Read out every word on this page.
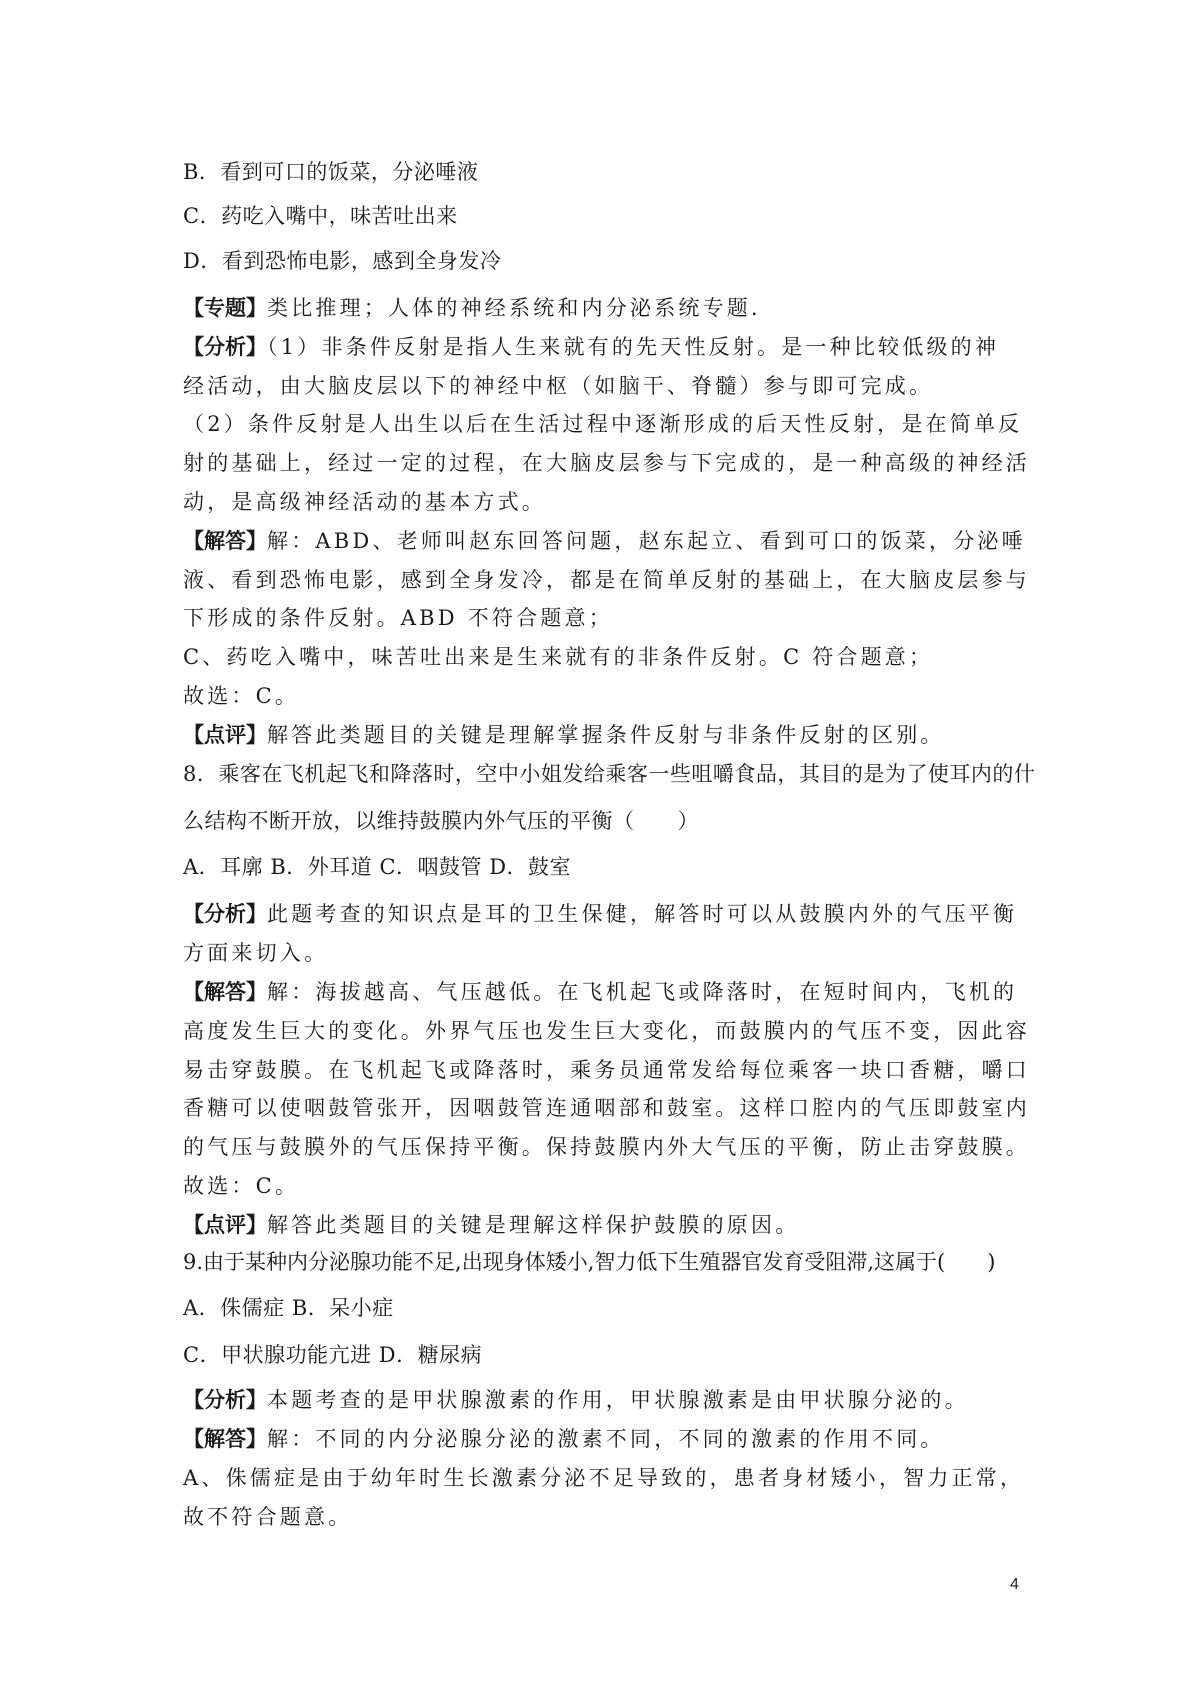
B．看到可口的饭菜，分泌唾液
C．药吃入嘴中，味苦吐出来
D．看到恐怖电影，感到全身发冷
【专题】类比推理；人体的神经系统和内分泌系统专题．
【分析】（1）非条件反射是指人生来就有的先天性反射。是一种比较低级的神
经活动，由大脑皮层以下的神经中枢（如脑干、脊髓）参与即可完成。
（2）条件反射是人出生以后在生活过程中逐渐形成的后天性反射，是在简单反
射的基础上，经过一定的过程，在大脑皮层参与下完成的，是一种高级的神经活
动，是高级神经活动的基本方式。
【解答】解：ABD、老师叫赵东回答问题，赵东起立、看到可口的饭菜，分泌唾
液、看到恐怖电影，感到全身发冷，都是在简单反射的基础上，在大脑皮层参与
下形成的条件反射。ABD 不符合题意；
C、药吃入嘴中，味苦吐出来是生来就有的非条件反射。C 符合题意；
故选：C。
【点评】解答此类题目的关键是理解掌握条件反射与非条件反射的区别。
8．乘客在飞机起飞和降落时，空中小姐发给乘客一些咀嚼食品，其目的是为了使耳内的什
么结构不断开放，以维持鼓膜内外气压的平衡（　　）
A．耳廓 B．外耳道 C．咽鼓管 D．鼓室
【分析】此题考查的知识点是耳的卫生保健，解答时可以从鼓膜内外的气压平衡
方面来切入。
【解答】解：海拔越高、气压越低。在飞机起飞或降落时，在短时间内，飞机的
高度发生巨大的变化。外界气压也发生巨大变化，而鼓膜内的气压不变，因此容
易击穿鼓膜。在飞机起飞或降落时，乘务员通常发给每位乘客一块口香糖，嚼口
香糖可以使咽鼓管张开，因咽鼓管连通咽部和鼓室。这样口腔内的气压即鼓室内
的气压与鼓膜外的气压保持平衡。保持鼓膜内外大气压的平衡，防止击穿鼓膜。
故选：C。
【点评】解答此类题目的关键是理解这样保护鼓膜的原因。
9.由于某种内分泌腺功能不足,出现身体矮小,智力低下生殖器官发育受阻滞,这属于(　　)
A．侏儒症 B．呆小症
C．甲状腺功能亢进 D．糖尿病
【分析】本题考查的是甲状腺激素的作用，甲状腺激素是由甲状腺分泌的。
【解答】解：不同的内分泌腺分泌的激素不同，不同的激素的作用不同。
A、侏儒症是由于幼年时生长激素分泌不足导致的，患者身材矮小，智力正常，
故不符合题意。
4
